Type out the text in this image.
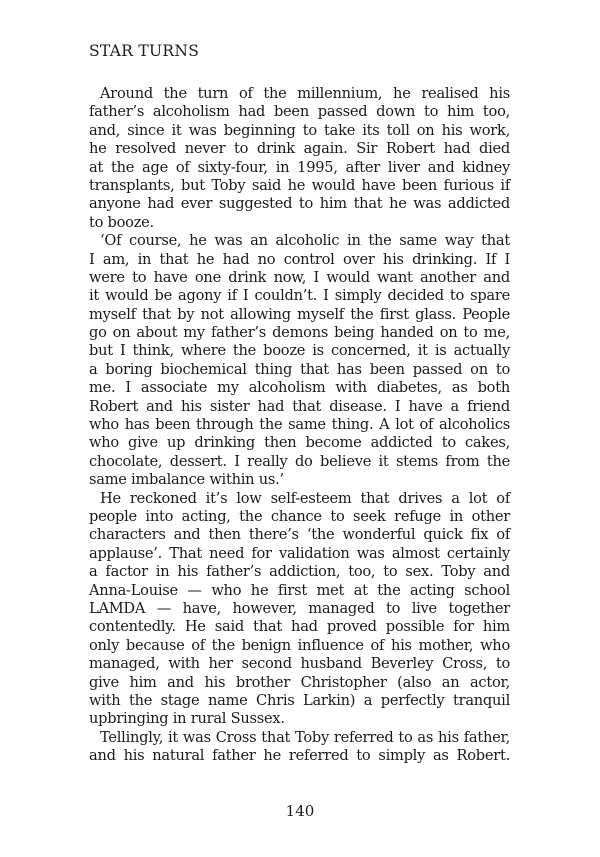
STAR TURNS
Around the turn of the millennium, he realised his
father’s alcoholism had been passed down to him too,
and, since it was beginning to take its toll on his work,
he resolved never to drink again. Sir Robert had died
at the age of sixty-four, in 1995, after liver and kidney
transplants, but Toby said he would have been furious if
anyone had ever suggested to him that he was addicted
to booze.
‘Of course, he was an alcoholic in the same way that
I am, in that he had no control over his drinking. If I
were to have one drink now, I would want another and
it would be agony if I couldn’t. I simply decided to spare
myself that by not allowing myself the first glass. People
go on about my father’s demons being handed on to me,
but I think, where the booze is concerned, it is actually
a boring biochemical thing that has been passed on to
me. I associate my alcoholism with diabetes, as both
Robert and his sister had that disease. I have a friend
who has been through the same thing. A lot of alcoholics
who give up drinking then become addicted to cakes,
chocolate, dessert. I really do believe it stems from the
same imbalance within us.’
He reckoned it’s low self-esteem that drives a lot of
people into acting, the chance to seek refuge in other
characters and then there’s ‘the wonderful quick fix of
applause’. That need for validation was almost certainly
a factor in his father’s addiction, too, to sex. Toby and
Anna-Louise — who he first met at the acting school
LAMDA — have, however, managed to live together
contentedly. He said that had proved possible for him
only because of the benign influence of his mother, who
managed, with her second husband Beverley Cross, to
give him and his brother Christopher (also an actor,
with the stage name Chris Larkin) a perfectly tranquil
upbringing in rural Sussex.
Tellingly, it was Cross that Toby referred to as his father,
and his natural father he referred to simply as Robert.
140
